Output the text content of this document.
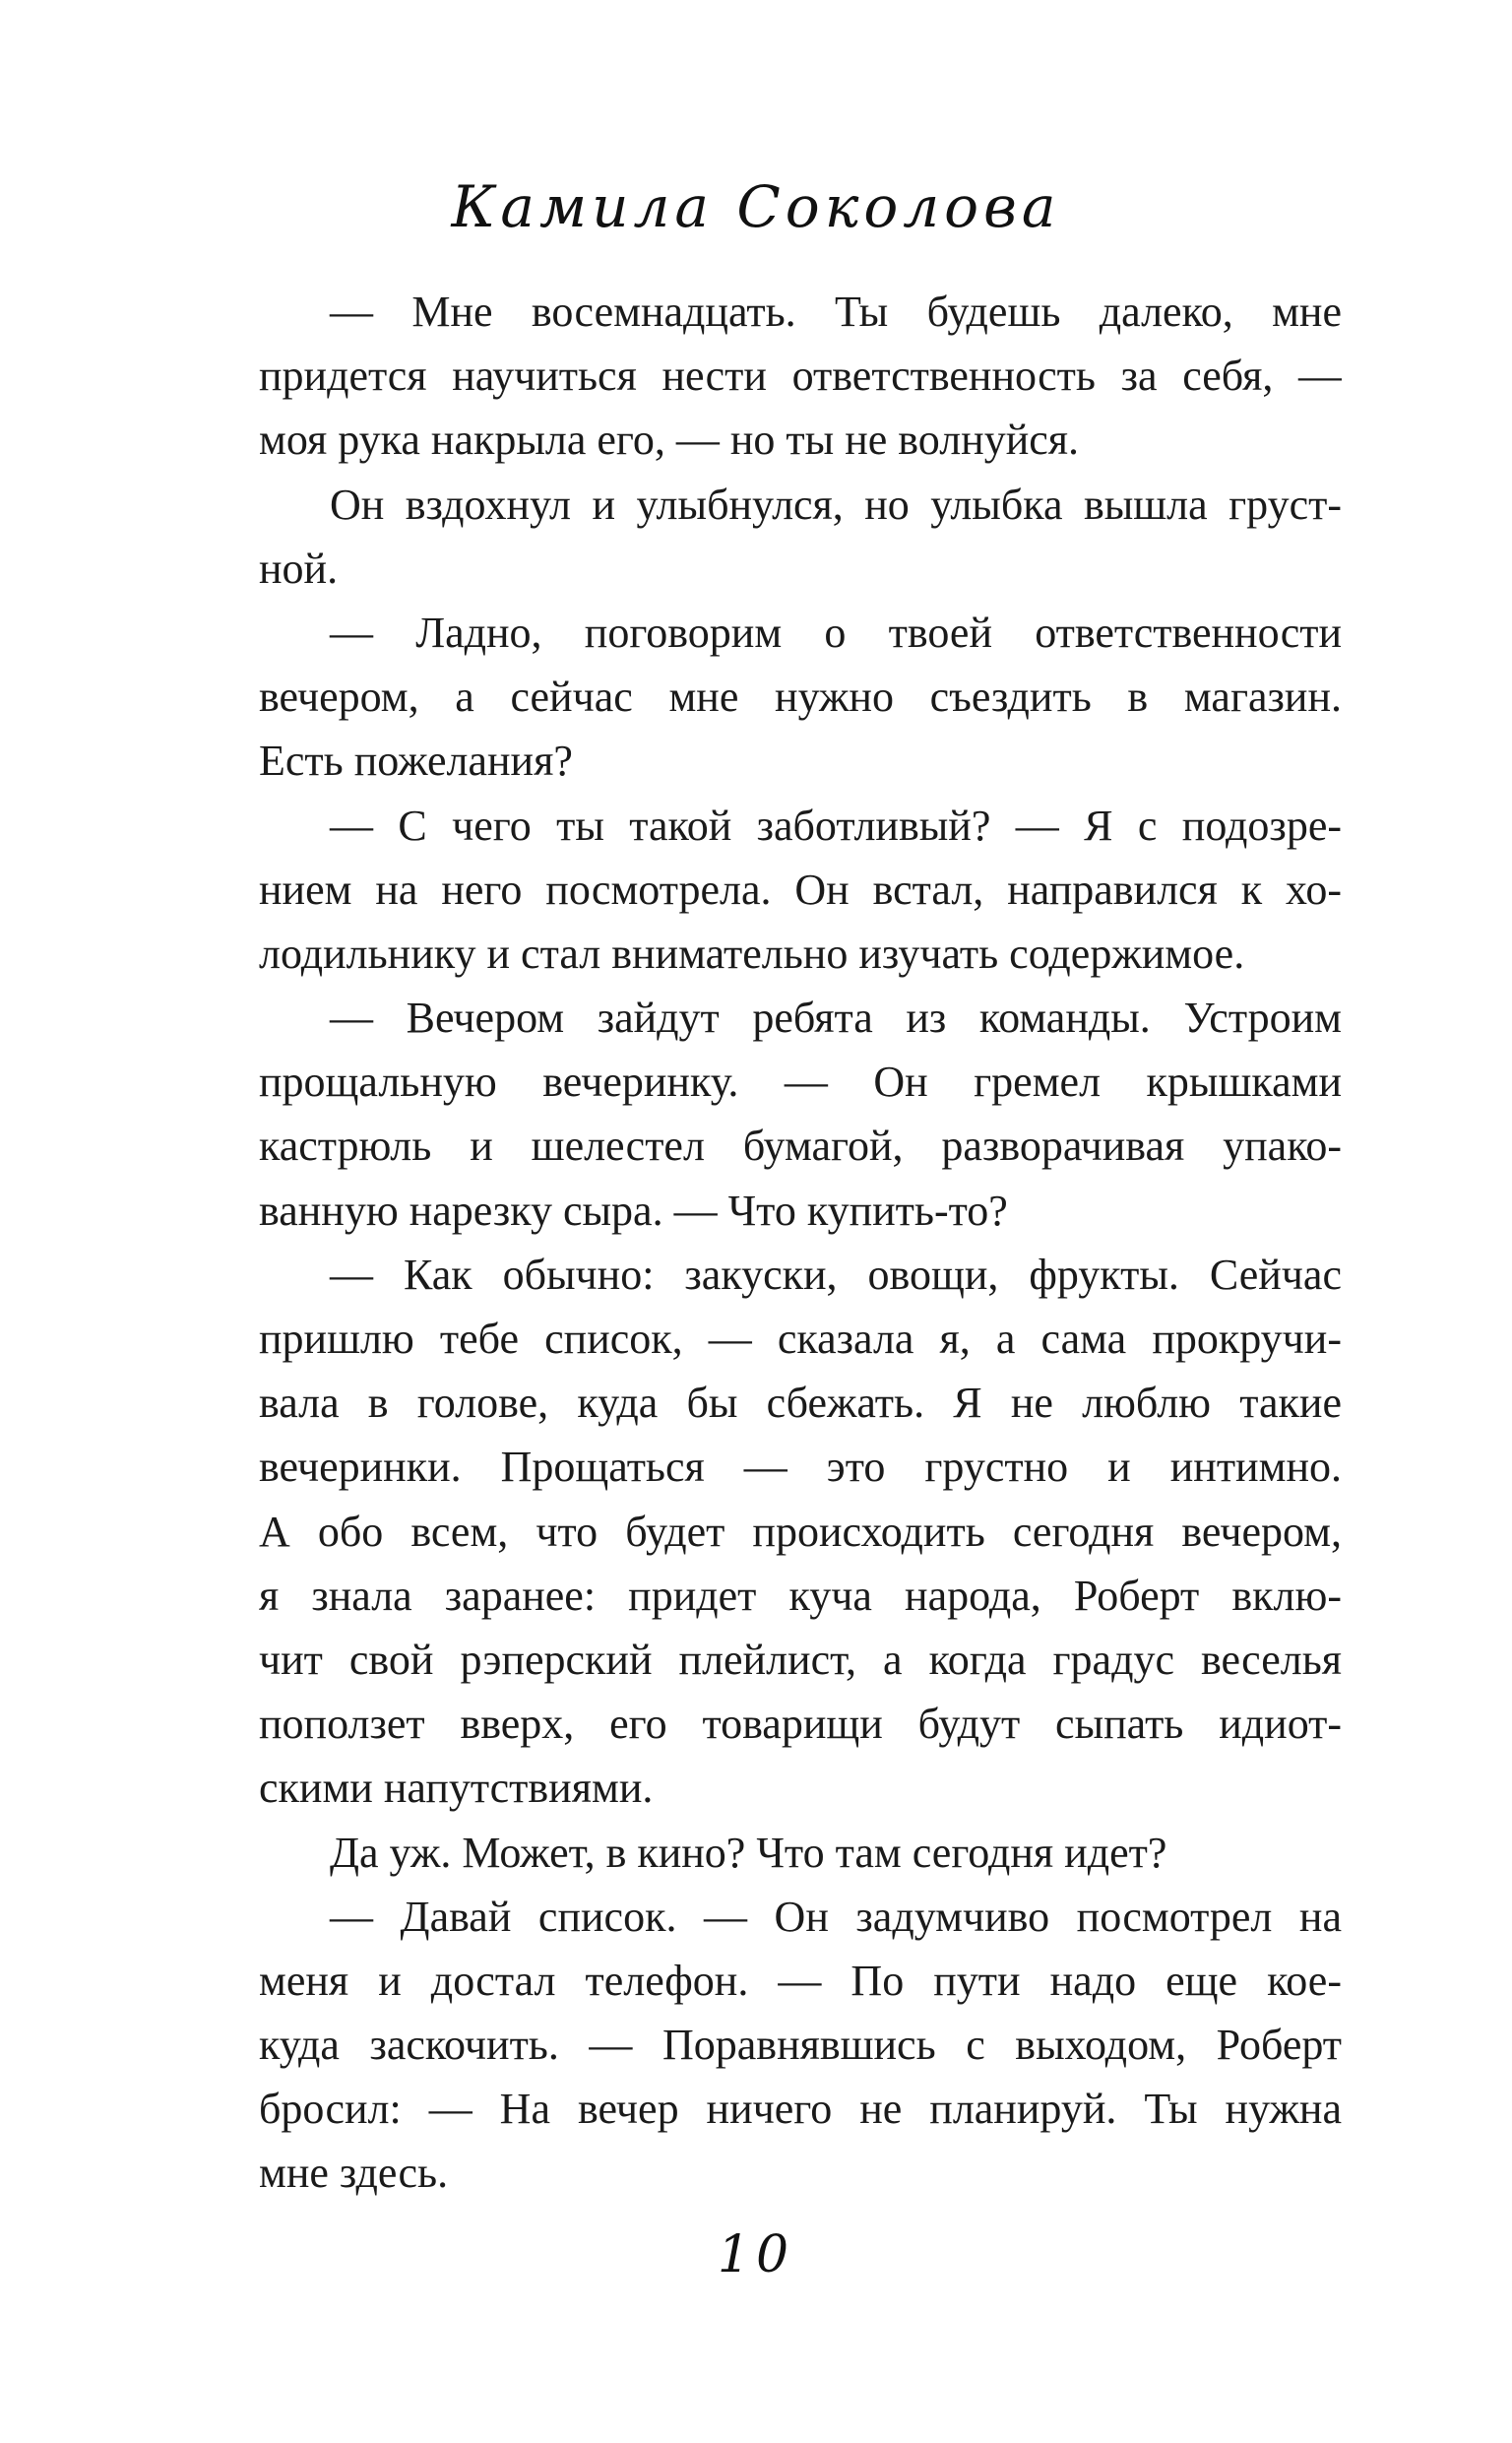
Камила Соколова
— Мне восемнадцать. Ты будешь далеко, мне
придется научиться нести ответственность за себя, —
моя рука накрыла его, — но ты не волнуйся.
Он вздохнул и улыбнулся, но улыбка вышла груст-
ной.
— Ладно, поговорим о твоей ответственности
вечером, а сейчас мне нужно съездить в магазин.
Есть пожелания?
— С чего ты такой заботливый? — Я с подозре-
нием на него посмотрела. Он встал, направился к хо-
лодильнику и стал внимательно изучать содержимое.
— Вечером зайдут ребята из команды. Устроим
прощальную вечеринку. — Он гремел крышками
кастрюль и шелестел бумагой, разворачивая упако-
ванную нарезку сыра. — Что купить-то?
— Как обычно: закуски, овощи, фрукты. Сейчас
пришлю тебе список, — сказала я, а сама прокручи-
вала в голове, куда бы сбежать. Я не люблю такие
вечеринки. Прощаться — это грустно и интимно.
А обо всем, что будет происходить сегодня вечером,
я знала заранее: придет куча народа, Роберт вклю-
чит свой рэперский плейлист, а когда градус веселья
поползет вверх, его товарищи будут сыпать идиот-
скими напутствиями.
Да уж. Может, в кино? Что там сегодня идет?
— Давай список. — Он задумчиво посмотрел на
меня и достал телефон. — По пути надо еще кое-
куда заскочить. — Поравнявшись с выходом, Роберт
бросил: — На вечер ничего не планируй. Ты нужна
мне здесь.
10
